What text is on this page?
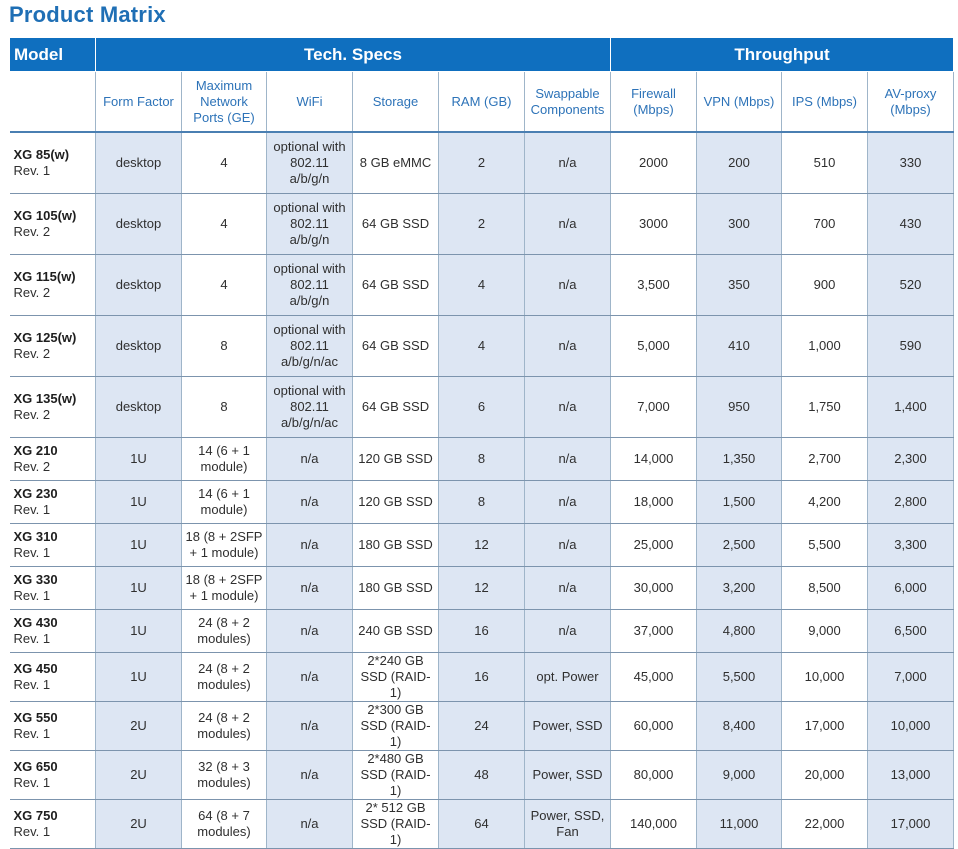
Product Matrix
Model	Tech. Specs						Throughput			
	Form Factor	Maximum Network Ports (GE)	WiFi	Storage	RAM (GB)	Swappable Components	Firewall (Mbps)	VPN (Mbps)	IPS (Mbps)	AV-proxy (Mbps)

XG 85(w)
Rev. 1	desktop	4	optional with 802.11 a/b/g/n	8 GB eMMC	2	n/a	2000	200	510	330

XG 105(w)
Rev. 2	desktop	4	optional with 802.11 a/b/g/n	64 GB SSD	2	n/a	3000	300	700	430

XG 115(w)
Rev. 2	desktop	4	optional with 802.11 a/b/g/n	64 GB SSD	4	n/a	3,500	350	900	520

XG 125(w)
Rev. 2	desktop	8	optional with 802.11 a/b/g/n/ac	64 GB SSD	4	n/a	5,000	410	1,000	590

XG 135(w)
Rev. 2	desktop	8	optional with 802.11 a/b/g/n/ac	64 GB SSD	6	n/a	7,000	950	1,750	1,400

XG 210
Rev. 2	1U	14 (6 + 1 module)	n/a	120 GB SSD	8	n/a	14,000	1,350	2,700	2,300

XG 230
Rev. 1	1U	14 (6 + 1 module)	n/a	120 GB SSD	8	n/a	18,000	1,500	4,200	2,800

XG 310
Rev. 1	1U	18 (8 + 2SFP + 1 module)	n/a	180 GB SSD	12	n/a	25,000	2,500	5,500	3,300

XG 330
Rev. 1	1U	18 (8 + 2SFP + 1 module)	n/a	180 GB SSD	12	n/a	30,000	3,200	8,500	6,000

XG 430
Rev. 1	1U	24 (8 + 2 modules)	n/a	240 GB SSD	16	n/a	37,000	4,800	9,000	6,500

XG 450
Rev. 1	1U	24 (8 + 2 modules)	n/a	2*240 GB SSD (RAID-1)	16	opt. Power	45,000	5,500	10,000	7,000

XG 550
Rev. 1	2U	24 (8 + 2 modules)	n/a	2*300 GB SSD (RAID-1)	24	Power, SSD	60,000	8,400	17,000	10,000

XG 650
Rev. 1	2U	32 (8 + 3 modules)	n/a	2*480 GB SSD (RAID-1)	48	Power, SSD	80,000	9,000	20,000	13,000

XG 750
Rev. 1	2U	64 (8 + 7 modules)	n/a	2* 512 GB SSD (RAID-1)	64	Power, SSD, Fan	140,000	11,000	22,000	17,000
